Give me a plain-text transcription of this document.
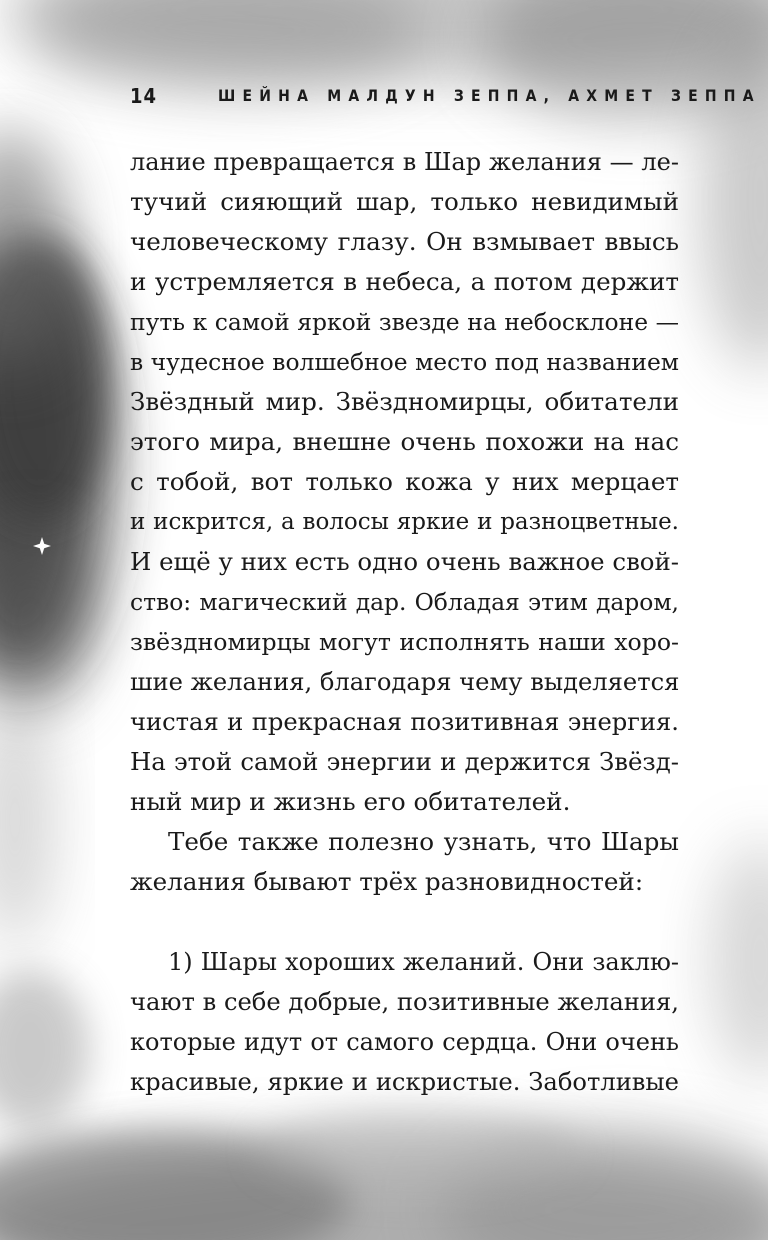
14	ШЕЙНА МАЛДУН ЗЕППА, АХМЕТ ЗЕППА
лание превращается в Шар желания — ле-
тучий сияющий шар, только невидимый
человеческому глазу. Он взмывает ввысь
и устремляется в небеса, а потом держит
путь к самой яркой звезде на небосклоне —
в чудесное волшебное место под названием
Звёздный мир. Звёздномирцы, обитатели
этого мира, внешне очень похожи на нас
с тобой, вот только кожа у них мерцает
и искрится, а волосы яркие и разноцветные.
И ещё у них есть одно очень важное свой-
ство: магический дар. Обладая этим даром,
звёздномирцы могут исполнять наши хоро-
шие желания, благодаря чему выделяется
чистая и прекрасная позитивная энергия.
На этой самой энергии и держится Звёзд-
ный мир и жизнь его обитателей.
Тебе также полезно узнать, что Шары
желания бывают трёх разновидностей:
1) Шары хороших желаний. Они заклю-
чают в себе добрые, позитивные желания,
которые идут от самого сердца. Они очень
красивые, яркие и искристые. Заботливые
